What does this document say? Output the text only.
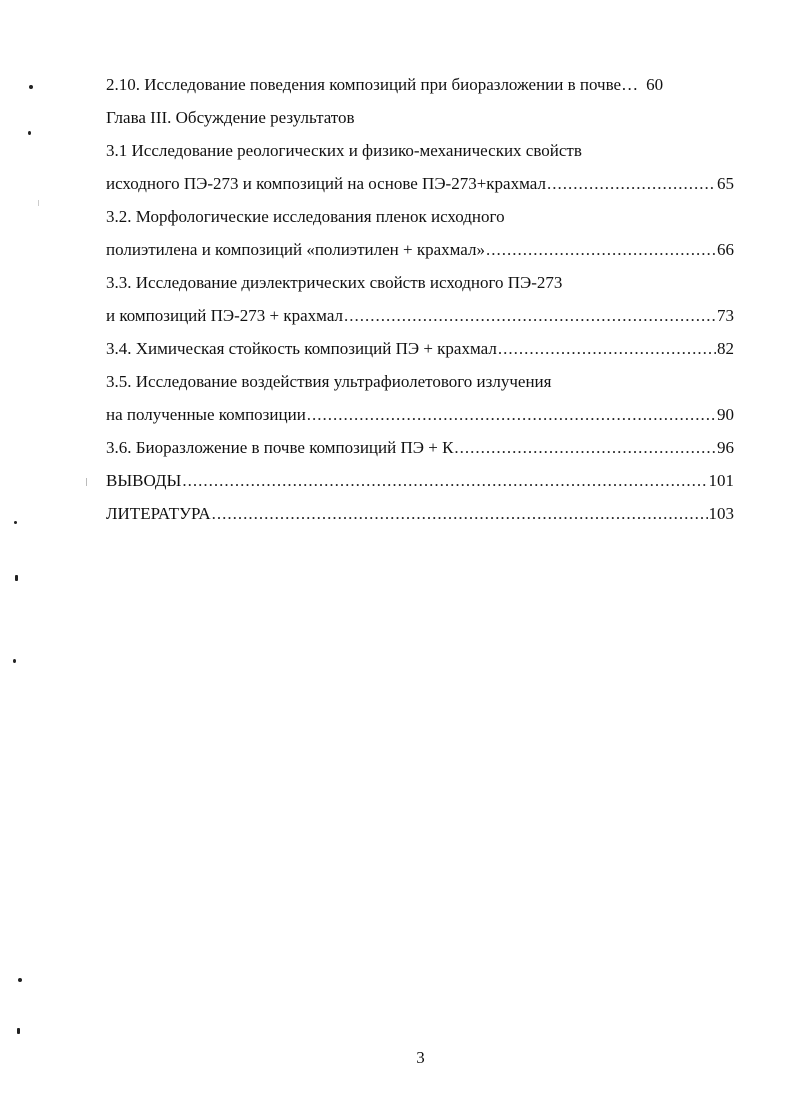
2.10. Исследование поведения композиций при биоразложении в почве… 60
Глава III. Обсуждение результатов
3.1 Исследование реологических и физико-механических свойств
исходного ПЭ-273 и композиций на основе ПЭ-273+крахмал .....	65
3.2. Морфологические исследования пленок исходного
полиэтилена и композиций «полиэтилен + крахмал» .....	66
3.3. Исследование диэлектрических свойств исходного ПЭ-273
и композиций ПЭ-273 + крахмал .....	73
3.4. Химическая стойкость композиций ПЭ + крахмал .....	82
3.5. Исследование воздействия ультрафиолетового излучения
на полученные композиции .....	90
3.6. Биоразложение в почве композиций ПЭ + К .....	96
ВЫВОДЫ .....	101
ЛИТЕРАТУРА .....	103
3
